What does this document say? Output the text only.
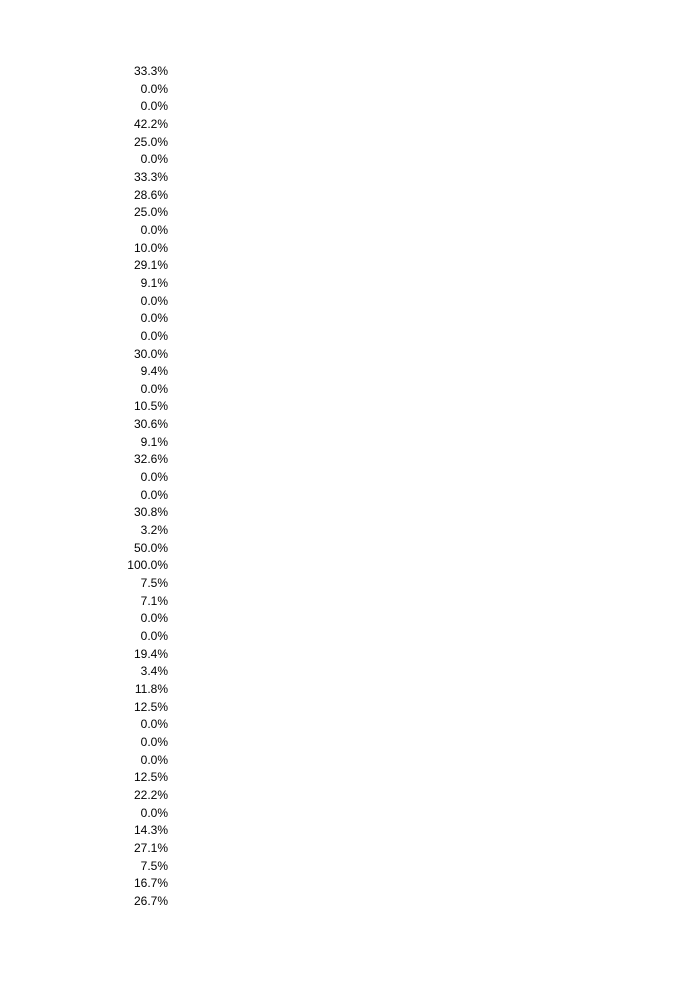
33.3%
0.0%
0.0%
42.2%
25.0%
0.0%
33.3%
28.6%
25.0%
0.0%
10.0%
29.1%
9.1%
0.0%
0.0%
0.0%
30.0%
9.4%
0.0%
10.5%
30.6%
9.1%
32.6%
0.0%
0.0%
30.8%
3.2%
50.0%
100.0%
7.5%
7.1%
0.0%
0.0%
19.4%
3.4%
11.8%
12.5%
0.0%
0.0%
0.0%
12.5%
22.2%
0.0%
14.3%
27.1%
7.5%
16.7%
26.7%
